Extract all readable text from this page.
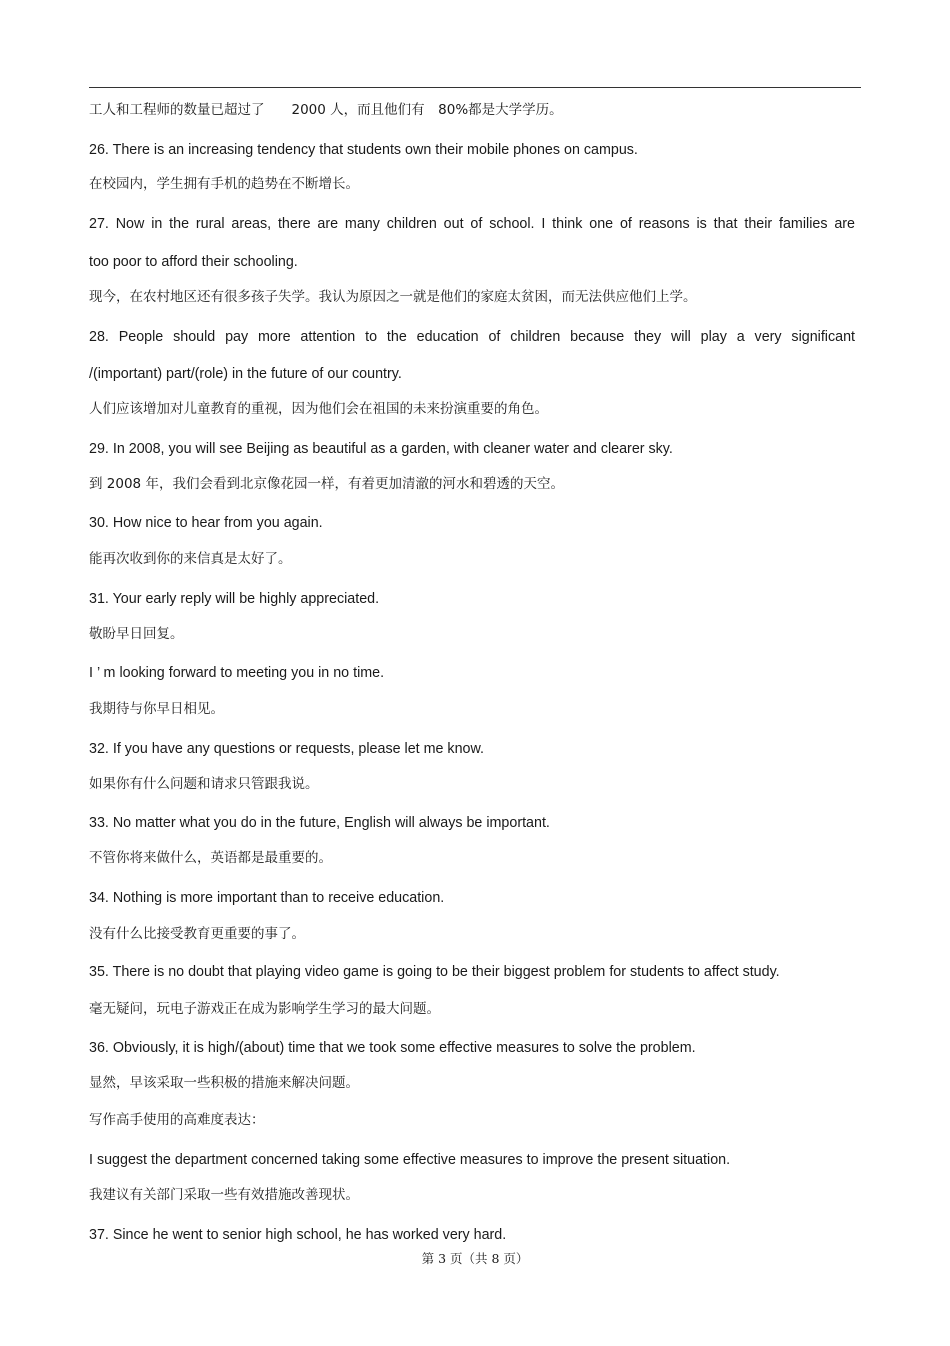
工人和工程师的数量已超过了　　2000 人，而且他们有　80%都是大学学历。
26. There is an increasing tendency that students own their mobile phones on campus.
在校园内，学生拥有手机的趋势在不断增长。
27. Now in the rural areas, there are many children out of school. I think one of reasons is that their families are
too poor to afford their schooling.
现今，在农村地区还有很多孩子失学。我认为原因之一就是他们的家庭太贫困，而无法供应他们上学。
28. People should pay more attention to the education of children because they will play a very significant
/(important) part/(role) in the future of our country.
人们应该增加对儿童教育的重视，因为他们会在祖国的未来扮演重要的角色。
29. In 2008, you will see Beijing as beautiful as a garden, with cleaner water and clearer sky.
到 2008 年，我们会看到北京像花园一样，有着更加清澈的河水和碧透的天空。
30. How nice to hear from you again.
能再次收到你的来信真是太好了。
31. Your early reply will be highly appreciated.
敬盼早日回复。
I ’ m looking forward to meeting you in no time.
我期待与你早日相见。
32. If you have any questions or requests, please let me know.
如果你有什么问题和请求只管跟我说。
33. No matter what you do in the future, English will always be important.
不管你将来做什么，英语都是最重要的。
34. Nothing is more important than to receive education.
没有什么比接受教育更重要的事了。
35. There is no doubt that playing video game is going to be their biggest problem for students to affect study.
毫无疑问，玩电子游戏正在成为影响学生学习的最大问题。
36. Obviously, it is high/(about) time that we took some effective measures to solve the problem.
显然，早该采取一些积极的措施来解决问题。
写作高手使用的高难度表达：
I suggest the department concerned taking some effective measures to improve the present situation.
我建议有关部门采取一些有效措施改善现状。
37. Since he went to senior high school, he has worked very hard.
第 3 页（共 8 页）
